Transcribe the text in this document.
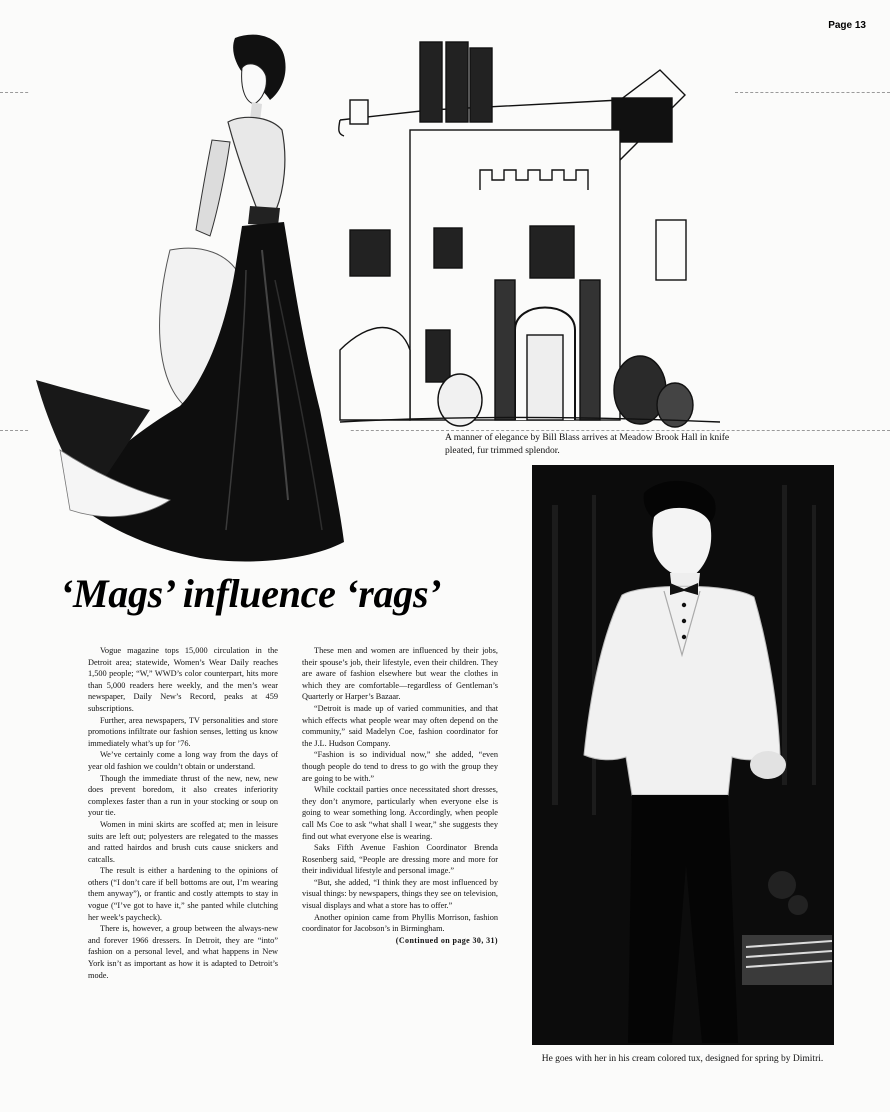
Page 13
A manner of elegance by Bill Blass arrives at Meadow Brook Hall in knife pleated, fur trimmed splendor.
He goes with her in his cream colored tux, designed for spring by Dimitri.
‘Mags’ influence ‘rags’

Vogue magazine tops 15,000 circulation in the Detroit area; statewide, Women’s Wear Daily reaches 1,500 people; “W,” WWD’s color counterpart, hits more than 5,000 readers here weekly, and the men’s wear newspaper, Daily New’s Record, peaks at 459 subscriptions.

Further, area newspapers, TV personalities and store promotions infiltrate our fashion senses, letting us know immediately what’s up for ’76.

We’ve certainly come a long way from the days of year old fashion we couldn’t obtain or understand.

Though the immediate thrust of the new, new, new does prevent boredom, it also creates inferiority complexes faster than a run in your stocking or soup on your tie.

Women in mini skirts are scoffed at; men in leisure suits are left out; polyesters are relegated to the masses and ratted hairdos and brush cuts cause snickers and catcalls.

The result is either a hardening to the opinions of others (“I don’t care if bell bottoms are out, I’m wearing them anyway”), or frantic and costly attempts to stay in vogue (“I’ve got to have it,” she panted while clutching her week’s paycheck).

There is, however, a group between the always-new and forever 1966 dressers. In Detroit, they are “into” fashion on a personal level, and what happens in New York isn’t as important as how it is adapted to Detroit’s mode.

These men and women are influenced by their jobs, their spouse’s job, their lifestyle, even their children. They are aware of fashion elsewhere but wear the clothes in which they are comfortable—regardless of Gentleman’s Quarterly or Harper’s Bazaar.

“Detroit is made up of varied communities, and that which effects what people wear may often depend on the community,” said Madelyn Coe, fashion coordinator for the J.L. Hudson Company.

“Fashion is so individual now,” she added, “even though people do tend to dress to go with the group they are going to be with.”

While cocktail parties once necessitated short dresses, they don’t anymore, particularly when everyone else is going to wear something long. Accordingly, when people call Ms Coe to ask “what shall I wear,” she suggests they find out what everyone else is wearing.

Saks Fifth Avenue Fashion Coordinator Brenda Rosenberg said, “People are dressing more and more for their individual lifestyle and personal image.”

“But, she added, “I think they are most influenced by visual things: by newspapers, things they see on television, visual displays and what a store has to offer.”

Another opinion came from Phyllis Morrison, fashion coordinator for Jacobson’s in Birmingham.

(Continued on page 30, 31)
